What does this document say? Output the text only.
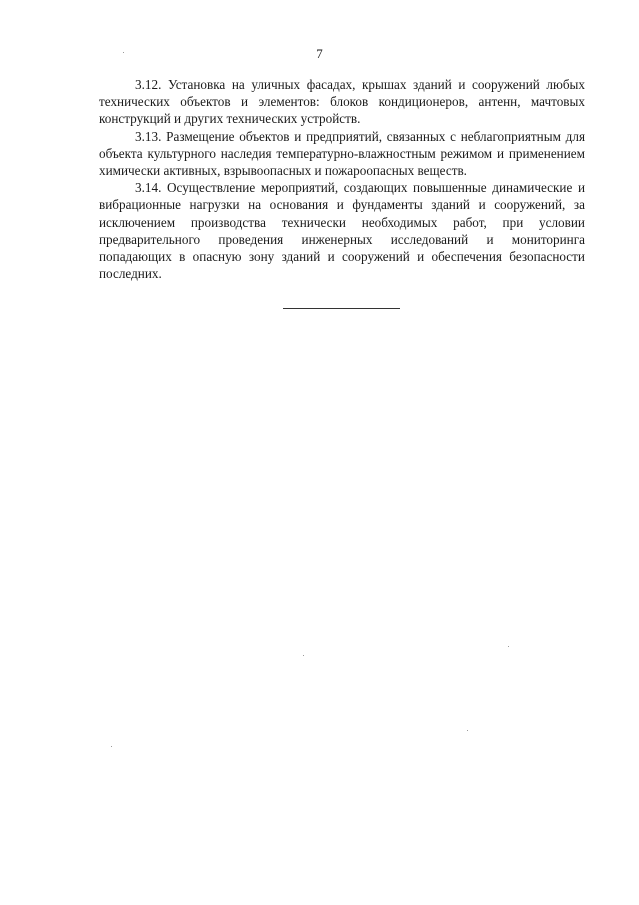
7

3.12. Установка на уличных фасадах, крышах зданий и сооружений любых технических объектов и элементов: блоков кондиционеров, антенн, мачтовых конструкций и других технических устройств.

3.13. Размещение объектов и предприятий, связанных с неблагоприятным для объекта культурного наследия температурно-влажностным режимом и применением химически активных, взрывоопасных и пожароопасных веществ.

3.14. Осуществление мероприятий, создающих повышенные динамические и вибрационные нагрузки на основания и фундаменты зданий и сооружений, за исключением производства технически необходимых работ, при условии предварительного проведения инженерных исследований и мониторинга попадающих в опасную зону зданий и сооружений и обеспечения безопасности последних.
